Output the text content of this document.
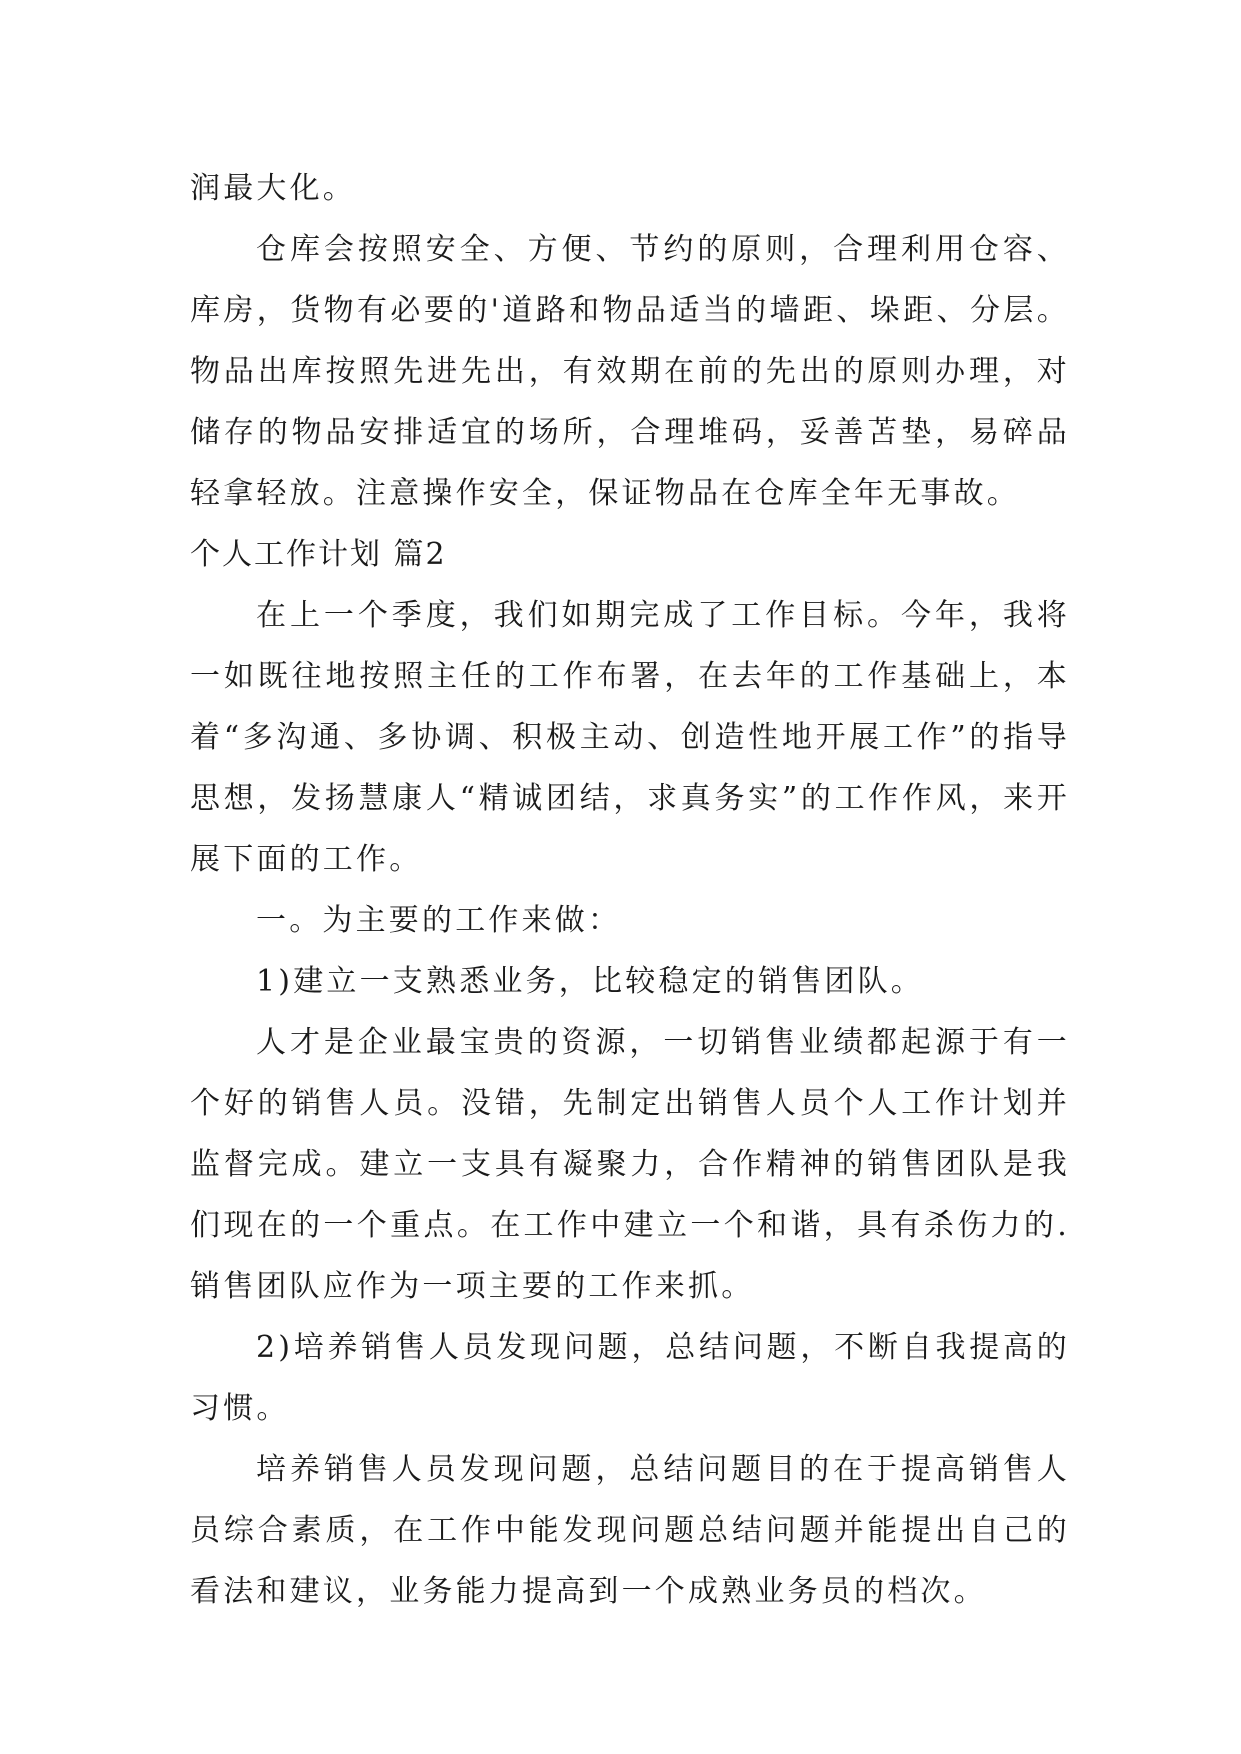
润最大化。

仓库会按照安全、方便、节约的原则，合理利用仓容、库房，货物有必要的'道路和物品适当的墙距、垛距、分层。物品出库按照先进先出，有效期在前的先出的原则办理，对储存的物品安排适宜的场所，合理堆码，妥善苫垫，易碎品轻拿轻放。注意操作安全，保证物品在仓库全年无事故。

个人工作计划 篇2

在上一个季度，我们如期完成了工作目标。今年，我将一如既往地按照主任的工作布署，在去年的工作基础上，本着“多沟通、多协调、积极主动、创造性地开展工作”的指导思想，发扬慧康人“精诚团结，求真务实”的工作作风，来开展下面的工作。

一。为主要的工作来做：

1)建立一支熟悉业务，比较稳定的销售团队。

人才是企业最宝贵的资源，一切销售业绩都起源于有一个好的销售人员。没错，先制定出销售人员个人工作计划并监督完成。建立一支具有凝聚力，合作精神的销售团队是我们现在的一个重点。在工作中建立一个和谐，具有杀伤力的.销售团队应作为一项主要的工作来抓。

2)培养销售人员发现问题，总结问题，不断自我提高的习惯。

培养销售人员发现问题，总结问题目的在于提高销售人员综合素质，在工作中能发现问题总结问题并能提出自己的看法和建议，业务能力提高到一个成熟业务员的档次。
